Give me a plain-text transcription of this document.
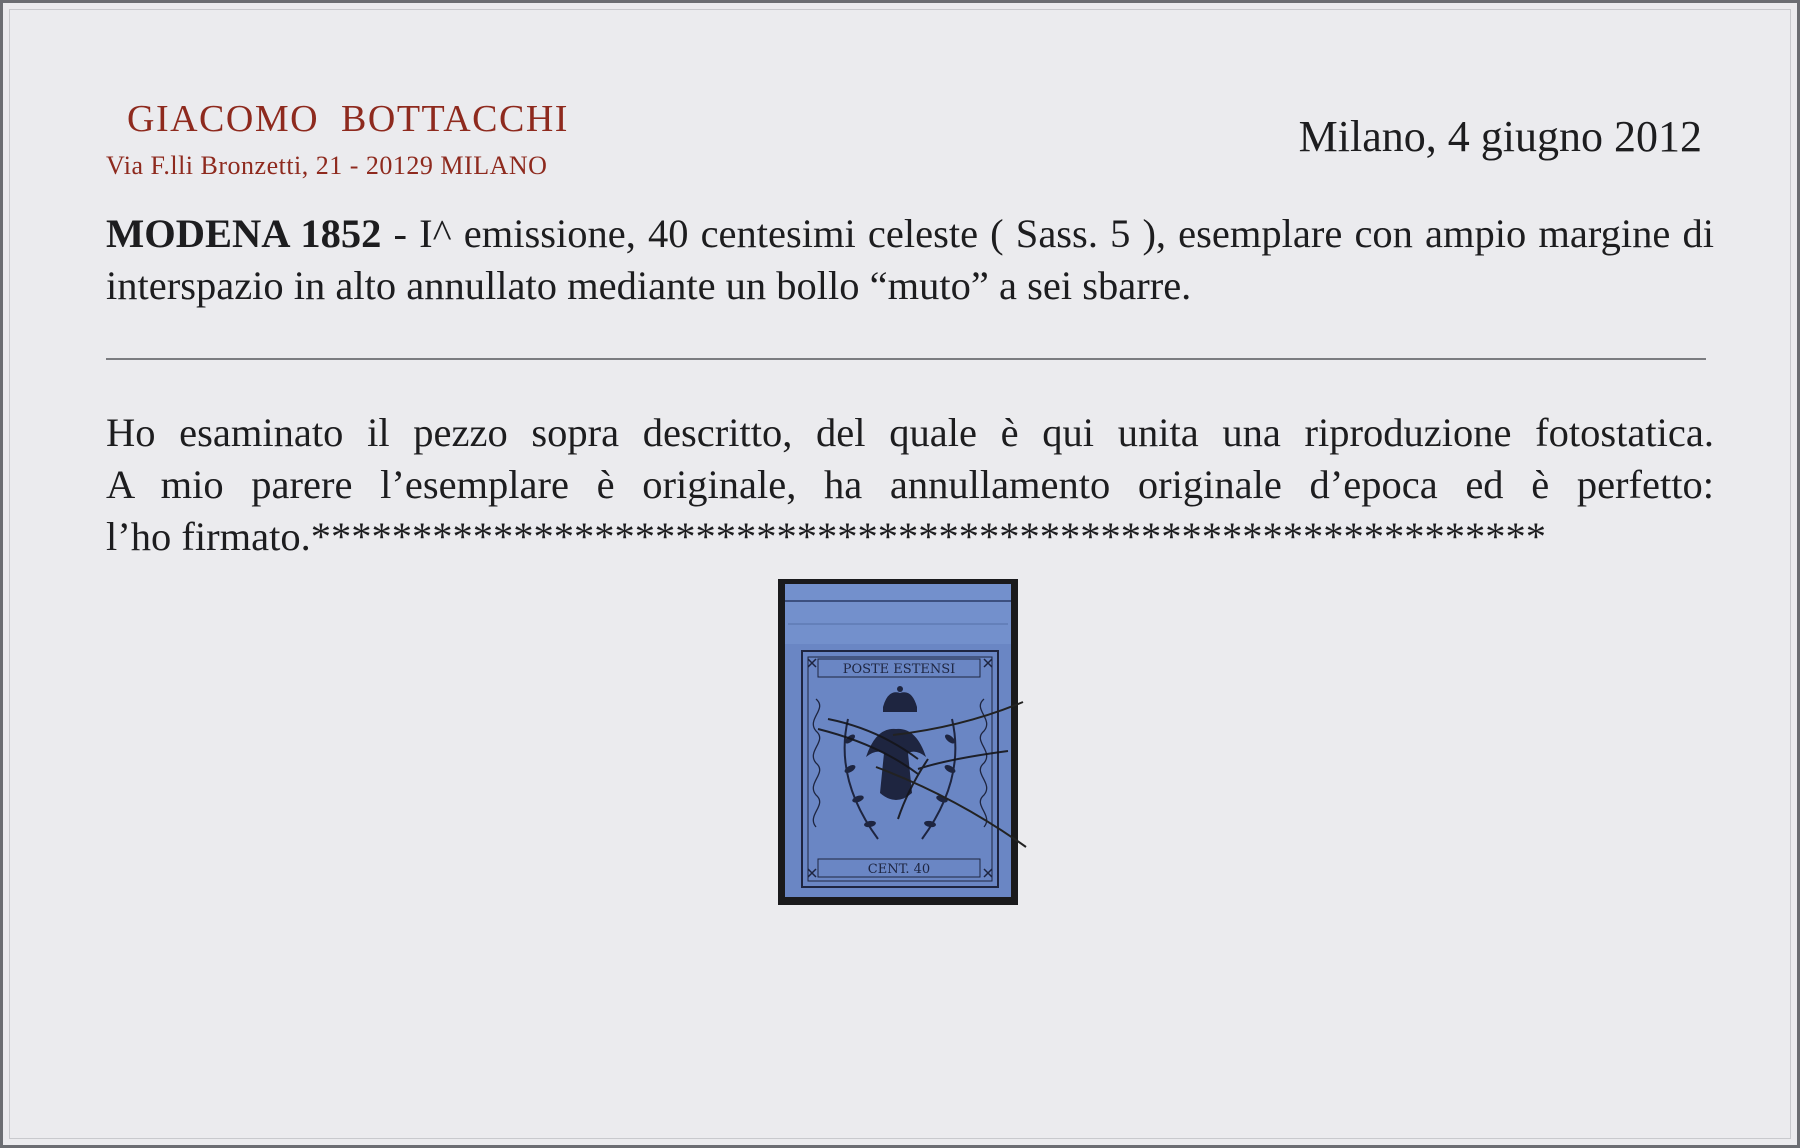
GIACOMO  BOTTACCHI
Via F.lli Bronzetti, 21 - 20129 MILANO
Milano, 4 giugno 2012
MODENA 1852 - I^ emissione, 40 centesimi celeste ( Sass. 5 ), esemplare con ampio margine di interspazio in alto annullato mediante un bollo “muto” a sei sbarre.
Ho esaminato il pezzo sopra descritto, del quale è qui unita una riproduzione fotostatica.
A mio parere l’esemplare è originale, ha annullamento originale d’epoca ed è perfetto:
l’ho firmato.*************************************************************
POSTE ESTENSI
CENT. 40
